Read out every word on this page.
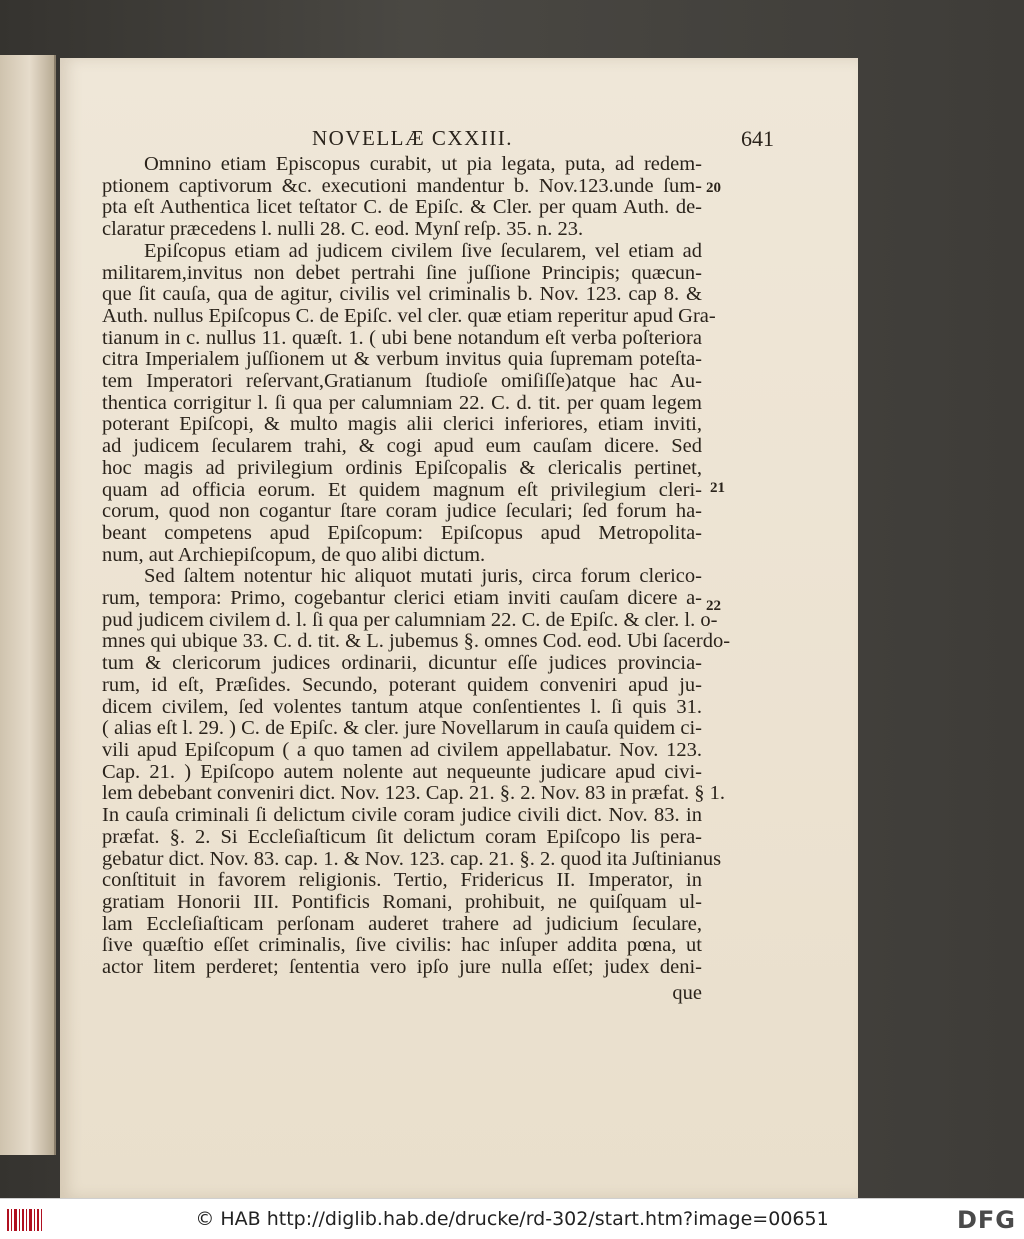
NOVELLÆ CXXIII.	641
Omnino etiam Episcopus curabit, ut pia legata, puta, ad redem-
ptionem captivorum &c. executioni mandentur b. Nov.123.unde ſum-
pta eſt Authentica licet teſtator C. de Epiſc. & Cler. per quam Auth. de-
claratur præcedens l. nulli 28. C. eod. Mynſ reſp. 35. n. 23.
Epiſcopus etiam ad judicem civilem ſive ſecularem, vel etiam ad
militarem,invitus non debet pertrahi ſine juſſione Principis; quæcun-
que ſit cauſa, qua de agitur, civilis vel criminalis b. Nov. 123. cap 8. &
Auth. nullus Epiſcopus C. de Epiſc. vel cler. quæ etiam reperitur apud Gra-
tianum in c. nullus 11. quæſt. 1. ( ubi bene notandum eſt verba poſteriora
citra Imperialem juſſionem ut & verbum invitus quia ſupremam poteſta-
tem Imperatori reſervant,Gratianum ſtudioſe omiſiſſe)atque hac Au-
thentica corrigitur l. ſi qua per calumniam 22. C. d. tit. per quam legem
poterant Epiſcopi, & multo magis alii clerici inferiores, etiam inviti,
ad judicem ſecularem trahi, & cogi apud eum cauſam dicere. Sed
hoc magis ad privilegium ordinis Epiſcopalis & clericalis pertinet,
quam ad officia eorum. Et quidem magnum eſt privilegium cleri-
corum, quod non cogantur ſtare coram judice ſeculari; ſed forum ha-
beant competens apud Epiſcopum: Epiſcopus apud Metropolita-
num, aut Archiepiſcopum, de quo alibi dictum.
Sed ſaltem notentur hic aliquot mutati juris, circa forum clerico-
rum, tempora: Primo, cogebantur clerici etiam inviti cauſam dicere a-
pud judicem civilem d. l. ſi qua per calumniam 22. C. de Epiſc. & cler. l. o-
mnes qui ubique 33. C. d. tit. & L. jubemus §. omnes Cod. eod. Ubi ſacerdo-
tum & clericorum judices ordinarii, dicuntur eſſe judices provincia-
rum, id eſt, Præſides. Secundo, poterant quidem conveniri apud ju-
dicem civilem, ſed volentes tantum atque conſentientes l. ſi quis 31.
( alias eſt l. 29. ) C. de Epiſc. & cler. jure Novellarum in cauſa quidem ci-
vili apud Epiſcopum ( a quo tamen ad civilem appellabatur. Nov. 123.
Cap. 21. ) Epiſcopo autem nolente aut nequeunte judicare apud civi-
lem debebant conveniri dict. Nov. 123. Cap. 21. §. 2. Nov. 83 in præfat. § 1.
In cauſa criminali ſi delictum civile coram judice civili dict. Nov. 83. in
præfat. §. 2. Si Eccleſiaſticum ſit delictum coram Epiſcopo lis pera-
gebatur dict. Nov. 83. cap. 1. & Nov. 123. cap. 21. §. 2. quod ita Juſtinianus
conſtituit in favorem religionis. Tertio, Fridericus II. Imperator, in
gratiam Honorii III. Pontificis Romani, prohibuit, ne quiſquam ul-
lam Eccleſiaſticam perſonam auderet trahere ad judicium ſeculare,
ſive quæſtio eſſet criminalis, ſive civilis: hac inſuper addita pœna, ut
actor litem perderet; ſententia vero ipſo jure nulla eſſet; judex deni-
que
20
21
22
© HAB http://diglib.hab.de/drucke/rd-302/start.htm?image=00651	DFG
